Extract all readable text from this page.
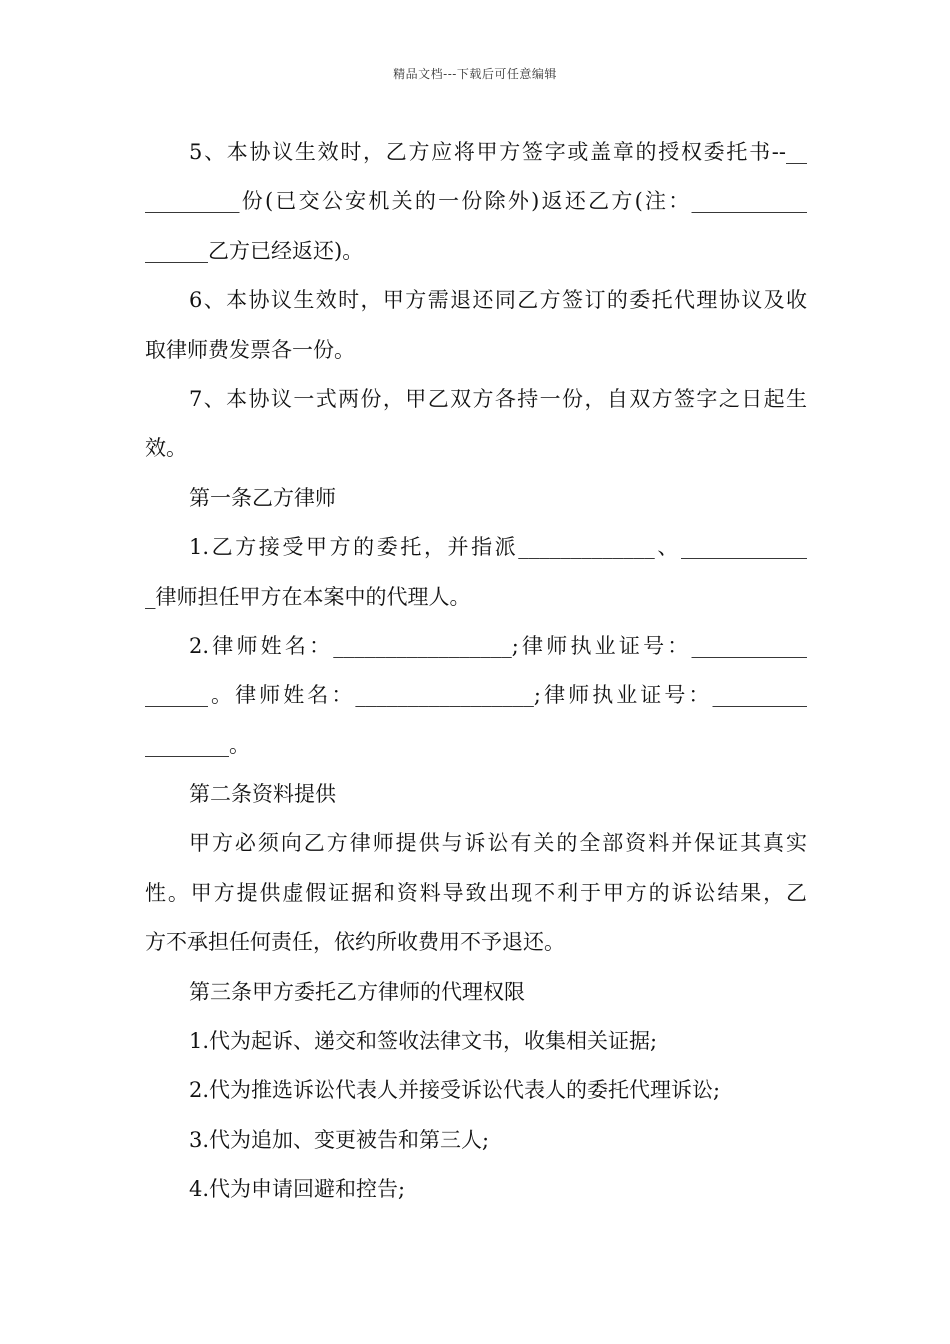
精品文档---下载后可任意编辑
5、本协议生效时，乙方应将甲方签字或盖章的授权委托书--__
_________份(已交公安机关的一份除外)返还乙方(注：___________
______乙方已经返还)。
6、本协议生效时，甲方需退还同乙方签订的委托代理协议及收
取律师费发票各一份。
7、本协议一式两份，甲乙双方各持一份，自双方签字之日起生
效。
第一条乙方律师
1.乙方接受甲方的委托，并指派_____________、____________
_律师担任甲方在本案中的代理人。
2.律师姓名：_________________;律师执业证号：___________
______。律师姓名：_________________;律师执业证号：_________
________。
第二条资料提供
甲方必须向乙方律师提供与诉讼有关的全部资料并保证其真实
性。甲方提供虚假证据和资料导致出现不利于甲方的诉讼结果，乙
方不承担任何责任，依约所收费用不予退还。
第三条甲方委托乙方律师的代理权限
1.代为起诉、递交和签收法律文书，收集相关证据;
2.代为推选诉讼代表人并接受诉讼代表人的委托代理诉讼;
3.代为追加、变更被告和第三人;
4.代为申请回避和控告;
